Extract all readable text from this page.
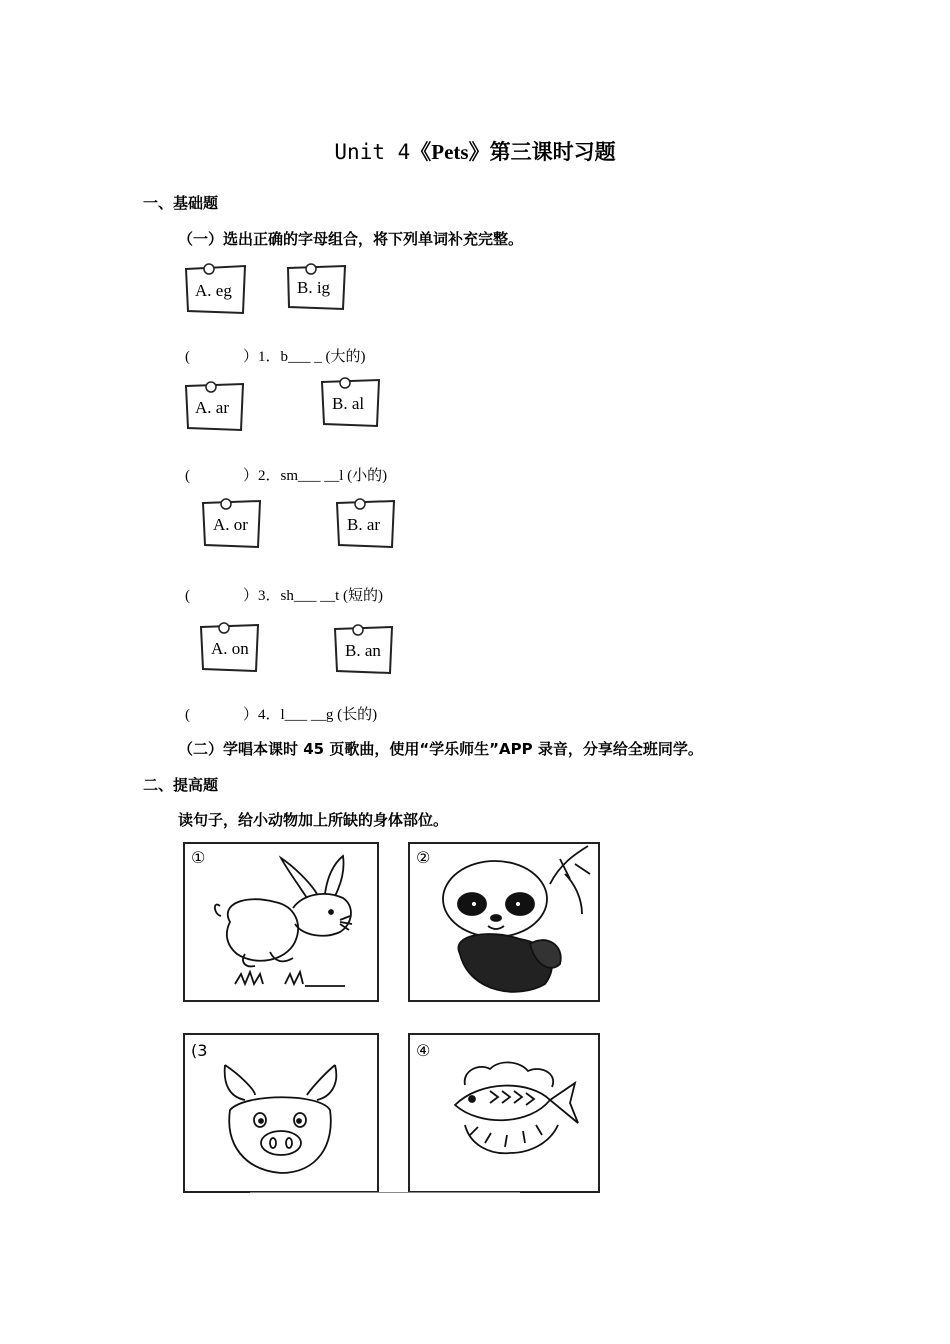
Unit 4《Pets》第三课时习题
一、基础题
（一）选出正确的字母组合，将下列单词补充完整。
A. eg	B. ig
(	）1．b___ _ (大的)
A. ar	B. al
(	）2．sm___ __l (小的)
A. or	B. ar
(	）3．sh___ __t (短的)
A. on	B. an
(	）4．l___ __g (长的)
（二）学唱本课时 45 页歌曲，使用“学乐师生”APP 录音，分享给全班同学。
二、提高题
读句子，给小动物加上所缺的身体部位。
①	②
(3	④
